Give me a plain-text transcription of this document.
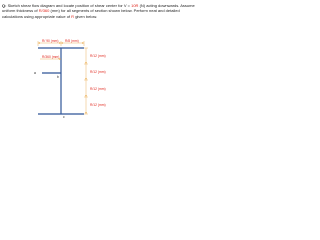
Q: Sketch shear flow diagram and locate position of shear center for V = 10R (N) acting downwards. Assume uniform thickness of R/360 (mm) for all segments of section shown below. Perform neat and detailed calculations using appropriate value of R given below.

R/ 90 (mm) R/8 (mm)
R/360 (mm)	R/12 (mm)
R/12 (mm)
R/12 (mm)
R/12 (mm)
a
b
c
